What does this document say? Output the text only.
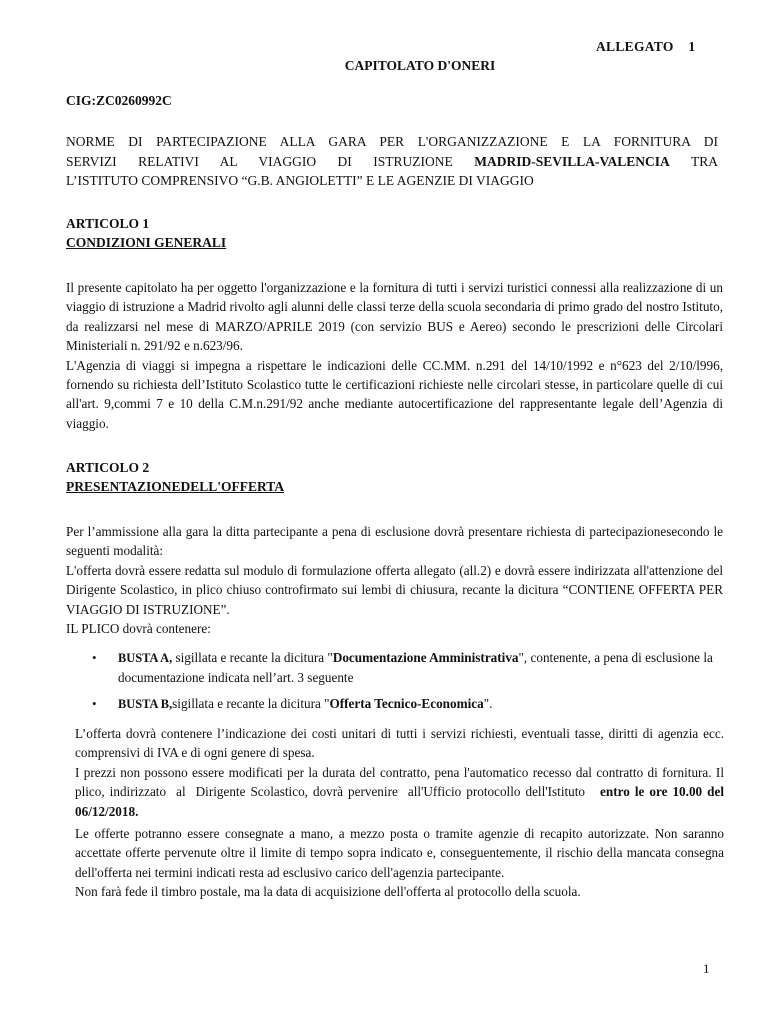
ALLEGATO    1
CAPITOLATO D'ONERI
CIG:ZC0260992C
NORME DI PARTECIPAZIONE ALLA GARA PER L'ORGANIZZAZIONE E LA FORNITURA DI
SERVIZI RELATIVI AL VIAGGIO DI ISTRUZIONE MADRID-SEVILLA-VALENCIA TRA
L’ISTITUTO COMPRENSIVO “G.B. ANGIOLETTI” E LE AGENZIE DI VIAGGIO
ARTICOLO 1
CONDIZIONI GENERALI

Il presente capitolato ha per oggetto l'organizzazione e la fornitura di tutti i servizi turistici connessi alla realizzazione di un viaggio di istruzione a Madrid rivolto agli alunni delle classi terze della scuola secondaria di primo grado del nostro Istituto, da realizzarsi nel mese di MARZO/APRILE 2019 (con servizio BUS e Aereo) secondo le prescrizioni delle Circolari Ministeriali n. 291/92 e n.623/96.

L'Agenzia di viaggi si impegna a rispettare le indicazioni delle CC.MM. n.291 del 14/10/1992 e n°623 del 2/10/l996, fornendo su richiesta dell’Istituto Scolastico tutte le certificazioni richieste nelle circolari stesse, in particolare quelle di cui all'art. 9,commi 7 e 10 della C.M.n.291/92 anche mediante autocertificazione del rappresentante legale dell’Agenzia di viaggio.

ARTICOLO 2
PRESENTAZIONEDELL'OFFERTA

Per l’ammissione alla gara la ditta partecipante a pena di esclusione dovrà presentare richiesta di partecipazionesecondo le seguenti modalità:

L'offerta dovrà essere redatta sul modulo di formulazione offerta allegato (all.2) e dovrà essere indirizzata all'attenzione del Dirigente Scolastico, in plico chiuso controfirmato sui lembi di chiusura, recante la dicitura “CONTIENE OFFERTA PER VIAGGIO DI ISTRUZIONE”.

IL PLICO dovrà contenere:

•	BUSTA A, sigillata e recante la dicitura "Documentazione Amministrativa", contenente, a pena di esclusione la documentazione indicata nell’art. 3 seguente
•	BUSTA B,sigillata e recante la dicitura "Offerta Tecnico-Economica".

L’offerta dovrà contenere l’indicazione dei costi unitari di tutti i servizi richiesti, eventuali tasse, diritti di agenzia ecc. comprensivi di IVA e di ogni genere di spesa.

I prezzi non possono essere modificati per la durata del contratto, pena l'automatico recesso dal contratto di fornitura. Il plico, indirizzato  al  Dirigente Scolastico, dovrà pervenire  all'Ufficio protocollo dell'Istituto   entro le ore 10.00 del 06/12/2018.

Le offerte potranno essere consegnate a mano, a mezzo posta o tramite agenzie di recapito autorizzate. Non saranno accettate offerte pervenute oltre il limite di tempo sopra indicato e, conseguentemente, il rischio della mancata consegna dell'offerta nei termini indicati resta ad esclusivo carico dell'agenzia partecipante.

Non farà fede il timbro postale, ma la data di acquisizione dell'offerta al protocollo della scuola.

1
